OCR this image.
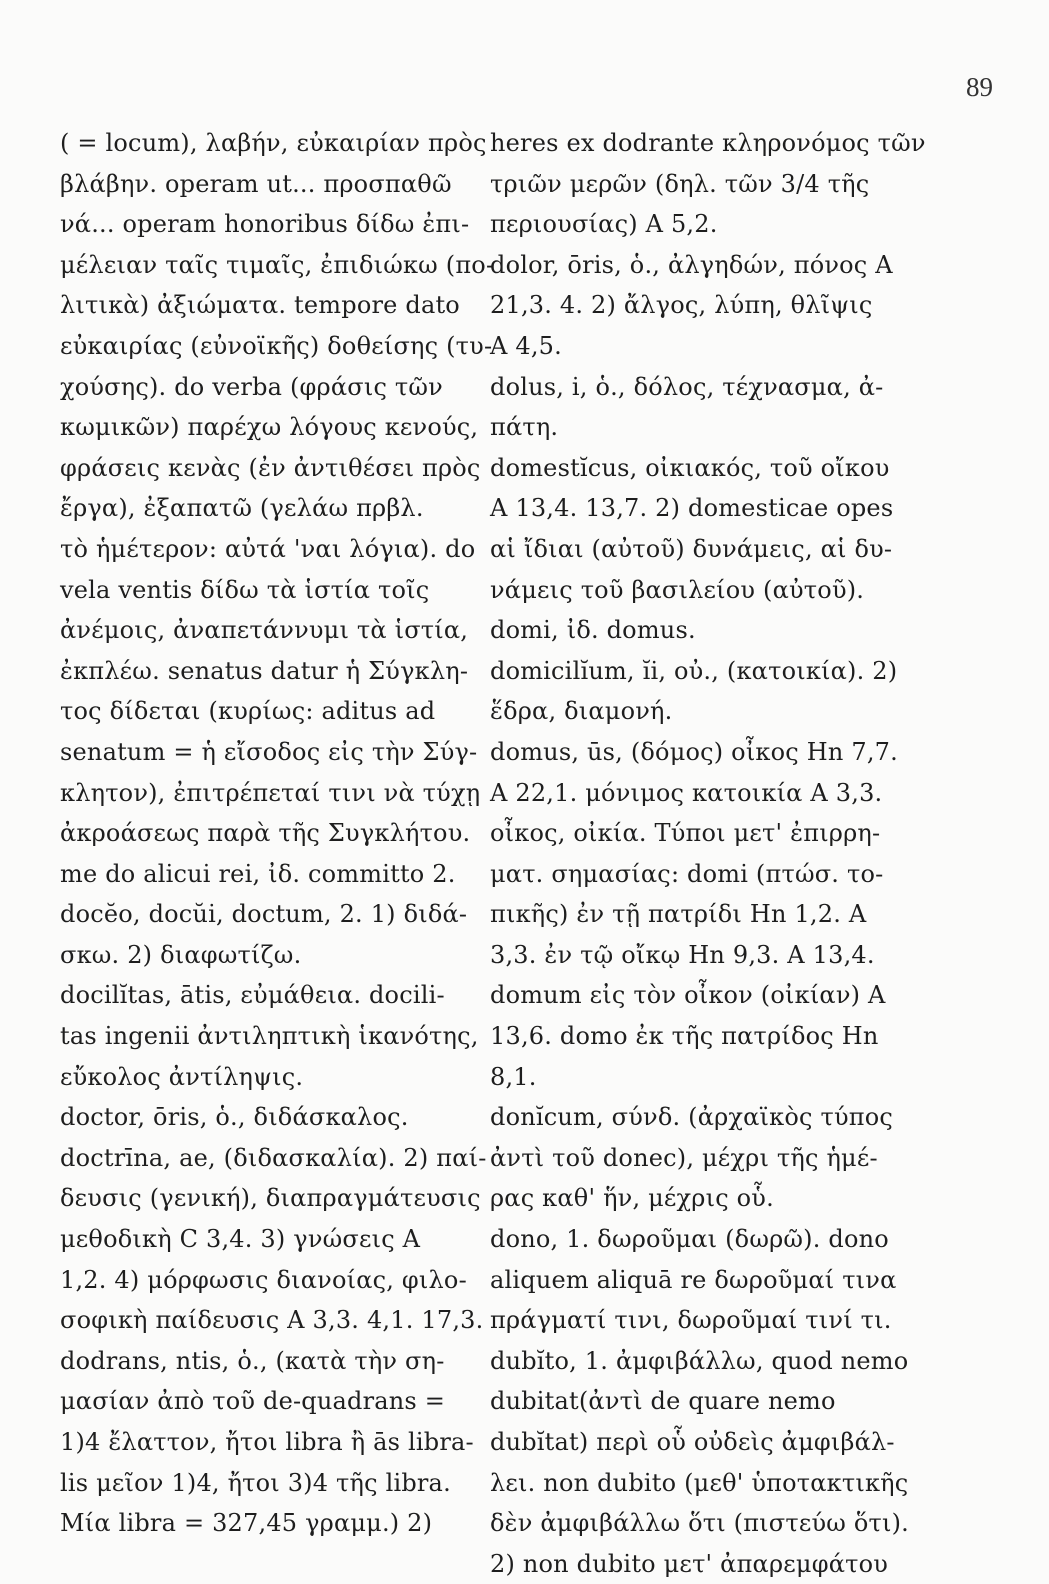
89
( = locum), λαβήν, εὐκαιρίαν πρὸς
βλάβην. operam ut... προσπαθῶ
νά... operam honoribus δίδω ἐπι-
μέλειαν ταῖς τιμαῖς, ἐπιδιώκω (πο-
λιτικὰ) ἀξιώματα. tempore dato
εὐκαιρίας (εὐνοϊκῆς) δοθείσης (τυ-
χούσης). do verba (φράσις τῶν
κωμικῶν) παρέχω λόγους κενούς,
φράσεις κενὰς (ἐν ἀντιθέσει πρὸς
ἔργα), ἐξαπατῶ (γελάω πρβλ.
τὸ ἡμέτερον: αὐτά 'ναι λόγια). do
vela ventis δίδω τὰ ἱστία τοῖς
ἀνέμοις, ἀναπετάννυμι τὰ ἱστία,
ἐκπλέω. senatus datur ἡ Σύγκλη-
τος δίδεται (κυρίως: aditus ad
senatum = ἡ εἴσοδος εἰς τὴν Σύγ-
κλητον), ἐπιτρέπεταί τινι νὰ τύχῃ
ἀκροάσεως παρὰ τῆς Συγκλήτου.
me do alicui rei, ἰδ. committo 2.
docĕo, docŭi, doctum, 2. 1) διδά-
σκω. 2) διαφωτίζω.
docilĭtas, ātis, εὐμάθεια. docili-
tas ingenii ἀντιληπτικὴ ἱκανότης,
εὔκολος ἀντίληψις.
doctor, ōris, ὁ., διδάσκαλος.
doctrīna, ae, (διδασκαλία). 2) παί-
δευσις (γενική), διαπραγμάτευσις
μεθοδικὴ C 3,4. 3) γνώσεις A
1,2. 4) μόρφωσις διανοίας, φιλο-
σοφικὴ παίδευσις A 3,3. 4,1. 17,3.
dodrans, ntis, ὁ., (κατὰ τὴν ση-
μασίαν ἀπὸ τοῦ de-quadrans =
1)4 ἔλαττον, ἤτοι libra ἢ ās libra-
lis μεῖον 1)4, ἤτοι 3)4 τῆς libra.
Μία libra = 327,45 γραμμ.) 2)
heres ex dodrante κληρονόμος τῶν
τριῶν μερῶν (δηλ. τῶν 3/4 τῆς
περιουσίας) A 5,2.
dolor, ōris, ὁ., ἀλγηδών, πόνος A
21,3. 4. 2) ἄλγος, λύπη, θλῖψις
A 4,5.
dolus, i, ὁ., δόλος, τέχνασμα, ἀ-
πάτη.
domestĭcus, οἰκιακός, τοῦ οἴκου
A 13,4. 13,7. 2) domesticae opes
αἱ ἴδιαι (αὐτοῦ) δυνάμεις, αἱ δυ-
νάμεις τοῦ βασιλείου (αὐτοῦ).
domi, ἰδ. domus.
domicilĭum, ĭi, οὐ., (κατοικία). 2)
ἕδρα, διαμονή.
domus, ūs, (δόμος) οἶκος Hn 7,7.
A 22,1. μόνιμος κατοικία A 3,3.
οἶκος, οἰκία. Τύποι μετ' ἐπιρρη-
ματ. σημασίας: domi (πτώσ. το-
πικῆς) ἐν τῇ πατρίδι Hn 1,2. A
3,3. ἐν τῷ οἴκῳ Hn 9,3. A 13,4.
domum εἰς τὸν οἶκον (οἰκίαν) A
13,6. domo ἐκ τῆς πατρίδος Hn
8,1.
donĭcum, σύνδ. (ἀρχαϊκὸς τύπος
ἀντὶ τοῦ donec), μέχρι τῆς ἡμέ-
ρας καθ' ἥν, μέχρις οὗ.
dono, 1. δωροῦμαι (δωρῶ). dono
aliquem aliquā re δωροῦμαί τινα
πράγματί τινι, δωροῦμαί τινί τι.
dubĭto, 1. ἀμφιβάλλω, quod nemo
dubitat(ἀντὶ de quare nemo
dubĭtat) περὶ οὗ οὐδεὶς ἀμφιβάλ-
λει. non dubito (μεθ' ὑποτακτικῆς
δὲν ἀμφιβάλλω ὅτι (πιστεύω ὅτι).
2) non dubito μετ' ἀπαρεμφάτου
